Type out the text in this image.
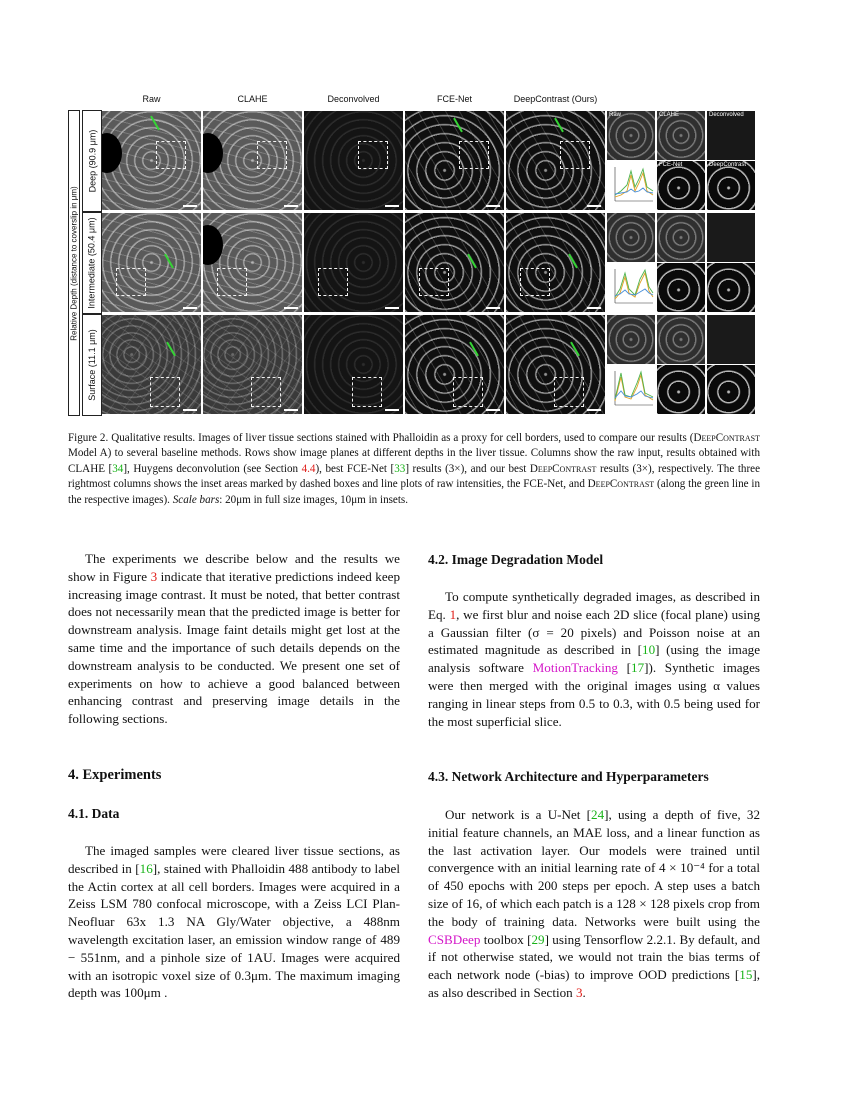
Raw	CLAHE	Deconvolved	FCE-Net	DeepContrast (Ours)
Relative Depth (distance to coverslip in μm)
Deep (90.9 μm)
Intermediate (50.4 μm)
Surface (11.1 μm)
Raw	CLAHE	Deconvolved
FCE-Net	DeepContrast
Figure 2. Qualitative results. Images of liver tissue sections stained with Phalloidin as a proxy for cell borders, used to compare our results (DeepContrast Model A) to several baseline methods. Rows show image planes at different depths in the liver tissue. Columns show the raw input, results obtained with CLAHE [34], Huygens deconvolution (see Section 4.4), best FCE-Net [33] results (3×), and our best DeepContrast results (3×), respectively. The three rightmost columns shows the inset areas marked by dashed boxes and line plots of raw intensities, the FCE-Net, and DeepContrast (along the green line in the respective images). Scale bars: 20μm in full size images, 10μm in insets.

The experiments we describe below and the results we show in Figure 3 indicate that iterative predictions indeed keep increasing image contrast. It must be noted, that better contrast does not necessarily mean that the predicted image is better for downstream analysis. Image faint details might get lost at the same time and the importance of such details depends on the downstream analysis to be conducted. We present one set of experiments on how to achieve a good balanced between enhancing contrast and preserving image details in the following sections.

4. Experiments
4.1. Data

The imaged samples were cleared liver tissue sections, as described in [16], stained with Phalloidin 488 antibody to label the Actin cortex at all cell borders. Images were acquired in a Zeiss LSM 780 confocal microscope, with a Zeiss LCI Plan-Neofluar 63x 1.3 NA Gly/Water objective, a 488nm wavelength excitation laser, an emission window range of 489 − 551nm, and a pinhole size of 1AU. Images were acquired with an isotropic voxel size of 0.3μm. The maximum imaging depth was 100μm .

4.2. Image Degradation Model

To compute synthetically degraded images, as described in Eq. 1, we first blur and noise each 2D slice (focal plane) using a Gaussian filter (σ = 20 pixels) and Poisson noise at an estimated magnitude as described in [10] (using the image analysis software MotionTracking [17]). Synthetic images were then merged with the original images using α values ranging in linear steps from 0.5 to 0.3, with 0.5 being used for the most superficial slice.

4.3. Network Architecture and Hyperparameters

Our network is a U-Net [24], using a depth of five, 32 initial feature channels, an MAE loss, and a linear function as the last activation layer. Our models were trained until convergence with an initial learning rate of 4 × 10⁻⁴ for a total of 450 epochs with 200 steps per epoch. A step uses a batch size of 16, of which each patch is a 128 × 128 pixels crop from the body of training data. Networks were built using the CSBDeep toolbox [29] using Tensorflow 2.2.1. By default, and if not otherwise stated, we would not train the bias terms of each network node (-bias) to improve OOD predictions [15], as also described in Section 3.
